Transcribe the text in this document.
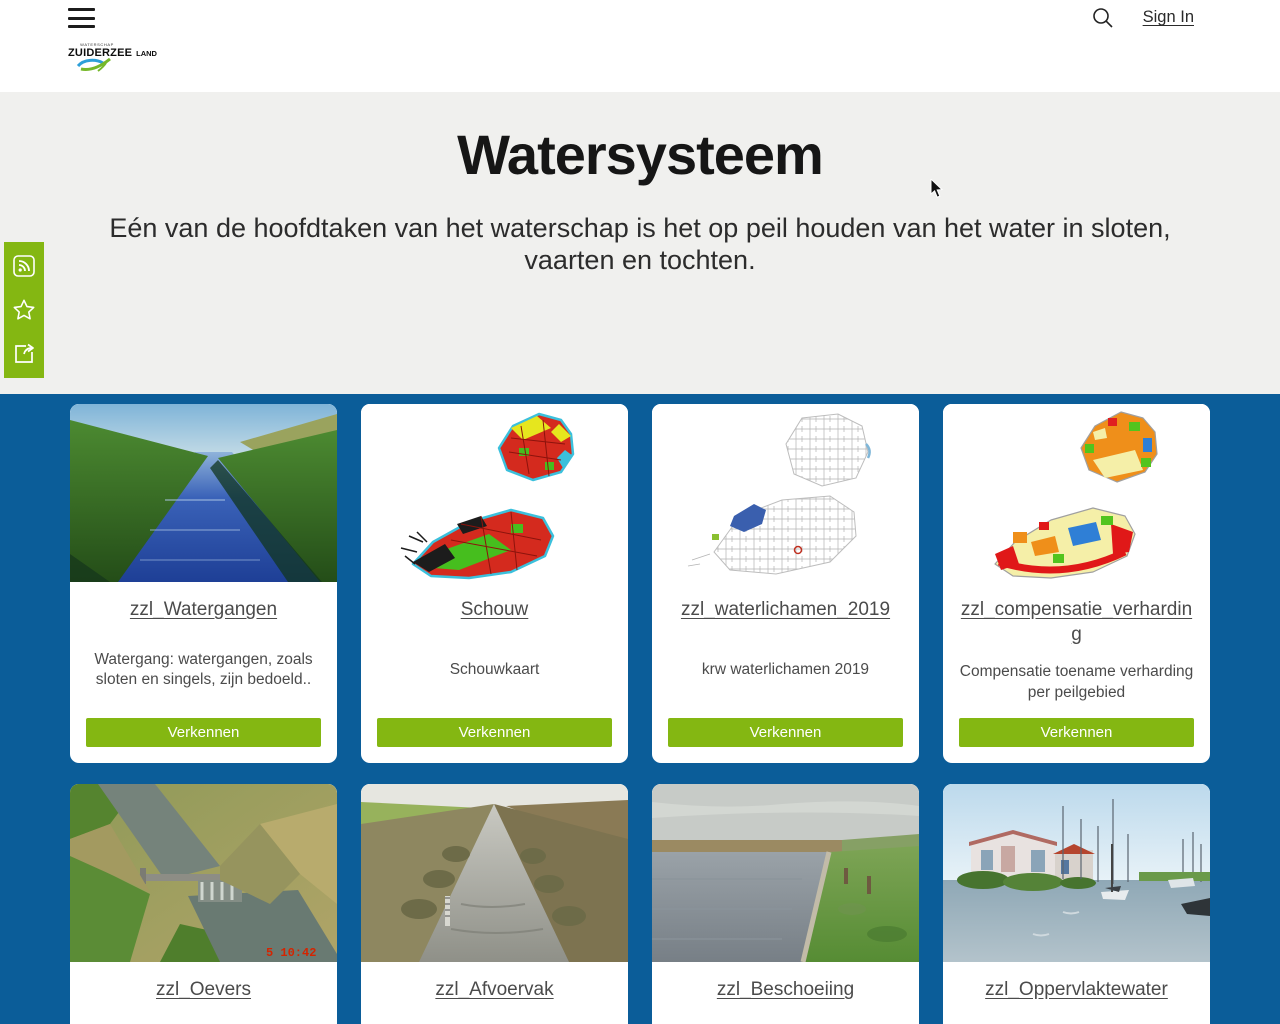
WATERSCHAP
ZUIDERZEE LAND
Sign In
Watersysteem

Eén van de hoofdtaken van het waterschap is het op peil houden van het water in sloten, vaarten en tochten.

zzl_Watergangen
Watergang: watergangen, zoals sloten en singels, zijn bedoeld..
Verkennen
Schouw
Schouwkaart
Verkennen
zzl_waterlichamen_2019
krw waterlichamen 2019
Verkennen
zzl_compensatie_verharding
Compensatie toename verharding per peilgebied
Verkennen
5 10:42
zzl_Oevers	zzl_Afvoervak	zzl_Beschoeiing	zzl_Oppervlaktewater
